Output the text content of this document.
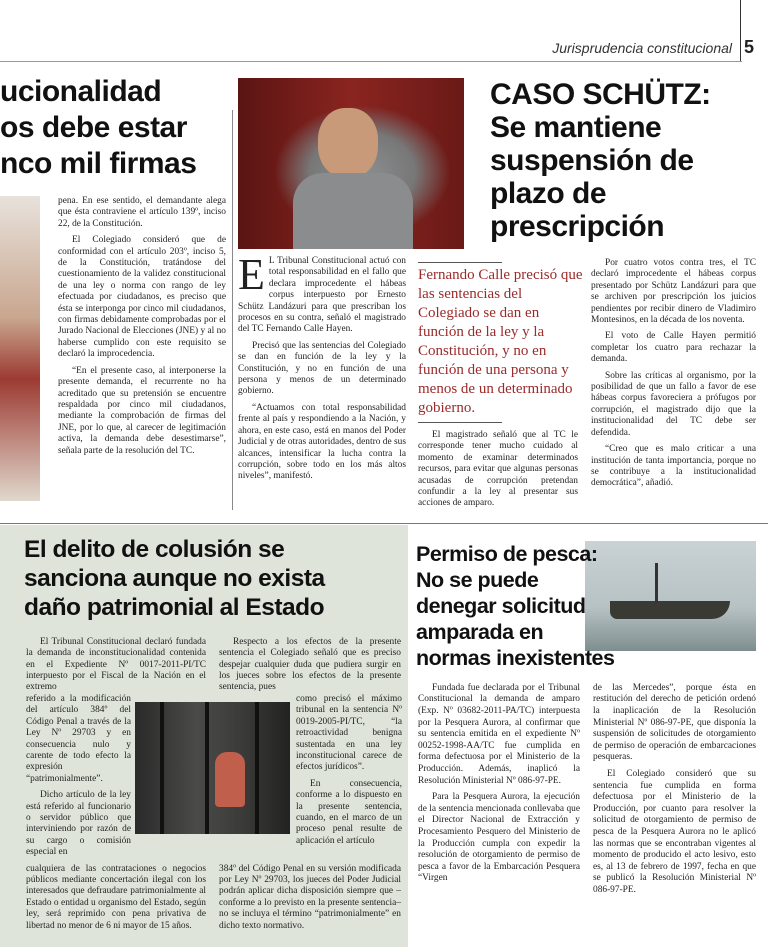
Jurisprudencia constitucional 5
ucionalidad
os debe estar
nco mil firmas
CASO SCHÜTZ:
Se mantiene
suspensión de
plazo de
prescripción

pena. En ese sentido, el demandante alega que ésta contraviene el artículo 139º, inciso 22, de la Constitución.

El Colegiado consideró que de conformidad con el artículo 203º, inciso 5, de la Constitución, tratándose del cuestionamiento de la validez constitucional de una ley o norma con rango de ley efectuada por ciudadanos, es preciso que ésta se interponga por cinco mil ciudadanos, con firmas debidamente comprobadas por el Jurado Nacional de Elecciones (JNE) y al no haberse cumplido con este requisito se declaró la improcedencia.

“En el presente caso, al interponerse la presente demanda, el recurrente no ha acreditado que su pretensión se encuentre respaldada por cinco mil ciudadanos, mediante la comprobación de firmas del JNE, por lo que, al carecer de legitimación activa, la demanda debe desestimarse”, señala parte de la resolución del TC.

E L Tribunal Constitucional actuó con total responsabilidad en el fallo que declara improcedente el hábeas corpus interpuesto por Ernesto Schütz Landázuri para que prescriban los procesos en su contra, señaló el magistrado del TC Fernando Calle Hayen.

Precisó que las sentencias del Colegiado se dan en función de la ley y la Constitución, y no en función de una persona y menos de un determinado gobierno.

“Actuamos con total responsabilidad frente al país y respondiendo a la Nación, y ahora, en este caso, está en manos del Poder Judicial y de otras autoridades, dentro de sus alcances, intensificar la lucha contra la corrupción, sobre todo en los más altos niveles”, manifestó.

Fernando Calle precisó que las sentencias del Colegiado se dan en función de la ley y la Constitución, y no en función de una persona y menos de un determinado gobierno.

El magistrado señaló que al TC le corresponde tener mucho cuidado al momento de examinar determinados recursos, para evitar que algunas personas acusadas de corrupción pretendan confundir a la ley al presentar sus acciones de amparo.

Por cuatro votos contra tres, el TC declaró improcedente el hábeas corpus presentado por Schütz Landázuri para que se archiven por prescripción los juicios pendientes por recibir dinero de Vladimiro Montesinos, en la década de los noventa.

El voto de Calle Hayen permitió completar los cuatro para rechazar la demanda.

Sobre las críticas al organismo, por la posibilidad de que un fallo a favor de ese hábeas corpus favoreciera a prófugos por corrupción, el magistrado dijo que la institucionalidad del TC debe ser defendida.

“Creo que es malo criticar a una institución de tanta importancia, porque no se contribuye a la institucionalidad democrática”, añadió.

El delito de colusión se
sanciona aunque no exista
daño patrimonial al Estado

El Tribunal Constitucional declaró fundada la demanda de inconstitucionalidad contenida en el Expediente Nº 0017-2011-PI/TC interpuesto por el Fiscal de la Nación en el extremo

Respecto a los efectos de la presente sentencia el Colegiado señaló que es preciso despejar cualquier duda que pudiera surgir en los jueces sobre los efectos de la presente sentencia, pues

referido a la modificación del artículo 384º del Código Penal a través de la Ley Nº 29703 y en consecuencia nulo y carente de todo efecto la expresión “patrimonialmente”.

Dicho artículo de la ley está referido al funcionario o servidor público que interviniendo por razón de su cargo o comisión especial en

como precisó el máximo tribunal en la sentencia Nº 0019-2005-PI/TC, “la retroactividad benigna sustentada en una ley inconstitucional carece de efectos jurídicos”.

En consecuencia, conforme a lo dispuesto en la presente sentencia, cuando, en el marco de un proceso penal resulte de aplicación el artículo

cualquiera de las contrataciones o negocios públicos mediante concertación ilegal con los interesados que defraudare patrimonialmente al Estado o entidad u organismo del Estado, según ley, será reprimido con pena privativa de libertad no menor de 6 ni mayor de 15 años.

384º del Código Penal en su versión modificada por Ley Nº 29703, los jueces del Poder Judicial podrán aplicar dicha disposición siempre que –conforme a lo previsto en la presente sentencia– no se incluya el término “patrimonialmente” en dicho texto normativo.

Permiso de pesca:
No se puede
denegar solicitud
amparada en
normas inexistentes

Fundada fue declarada por el Tribunal Constitucional la demanda de amparo (Exp. Nº 03682-2011-PA/TC) interpuesta por la Pesquera Aurora, al confirmar que su sentencia emitida en el expediente Nº 00252-1998-AA/TC fue cumplida en forma defectuosa por el Ministerio de la Producción. Además, inaplicó la Resolución Ministerial Nº 086-97-PE.

Para la Pesquera Aurora, la ejecución de la sentencia mencionada conllevaba que el Director Nacional de Extracción y Procesamiento Pesquero del Ministerio de la Producción cumpla con expedir la resolución de otorgamiento de permiso de pesca a favor de la Embarcación Pesquera “Virgen

de las Mercedes”, porque ésta en restitución del derecho de petición ordenó la inaplicación de la Resolución Ministerial Nº 086-97-PE, que disponía la suspensión de solicitudes de otorgamiento de permiso de operación de embarcaciones pesqueras.

El Colegiado consideró que su sentencia fue cumplida en forma defectuosa por el Ministerio de la Producción, por cuanto para resolver la solicitud de otorgamiento de permiso de pesca de la Pesquera Aurora no le aplicó las normas que se encontraban vigentes al momento de producido el acto lesivo, esto es, al 13 de febrero de 1997, fecha en que se publicó la Resolución Ministerial Nº 086-97-PE.
